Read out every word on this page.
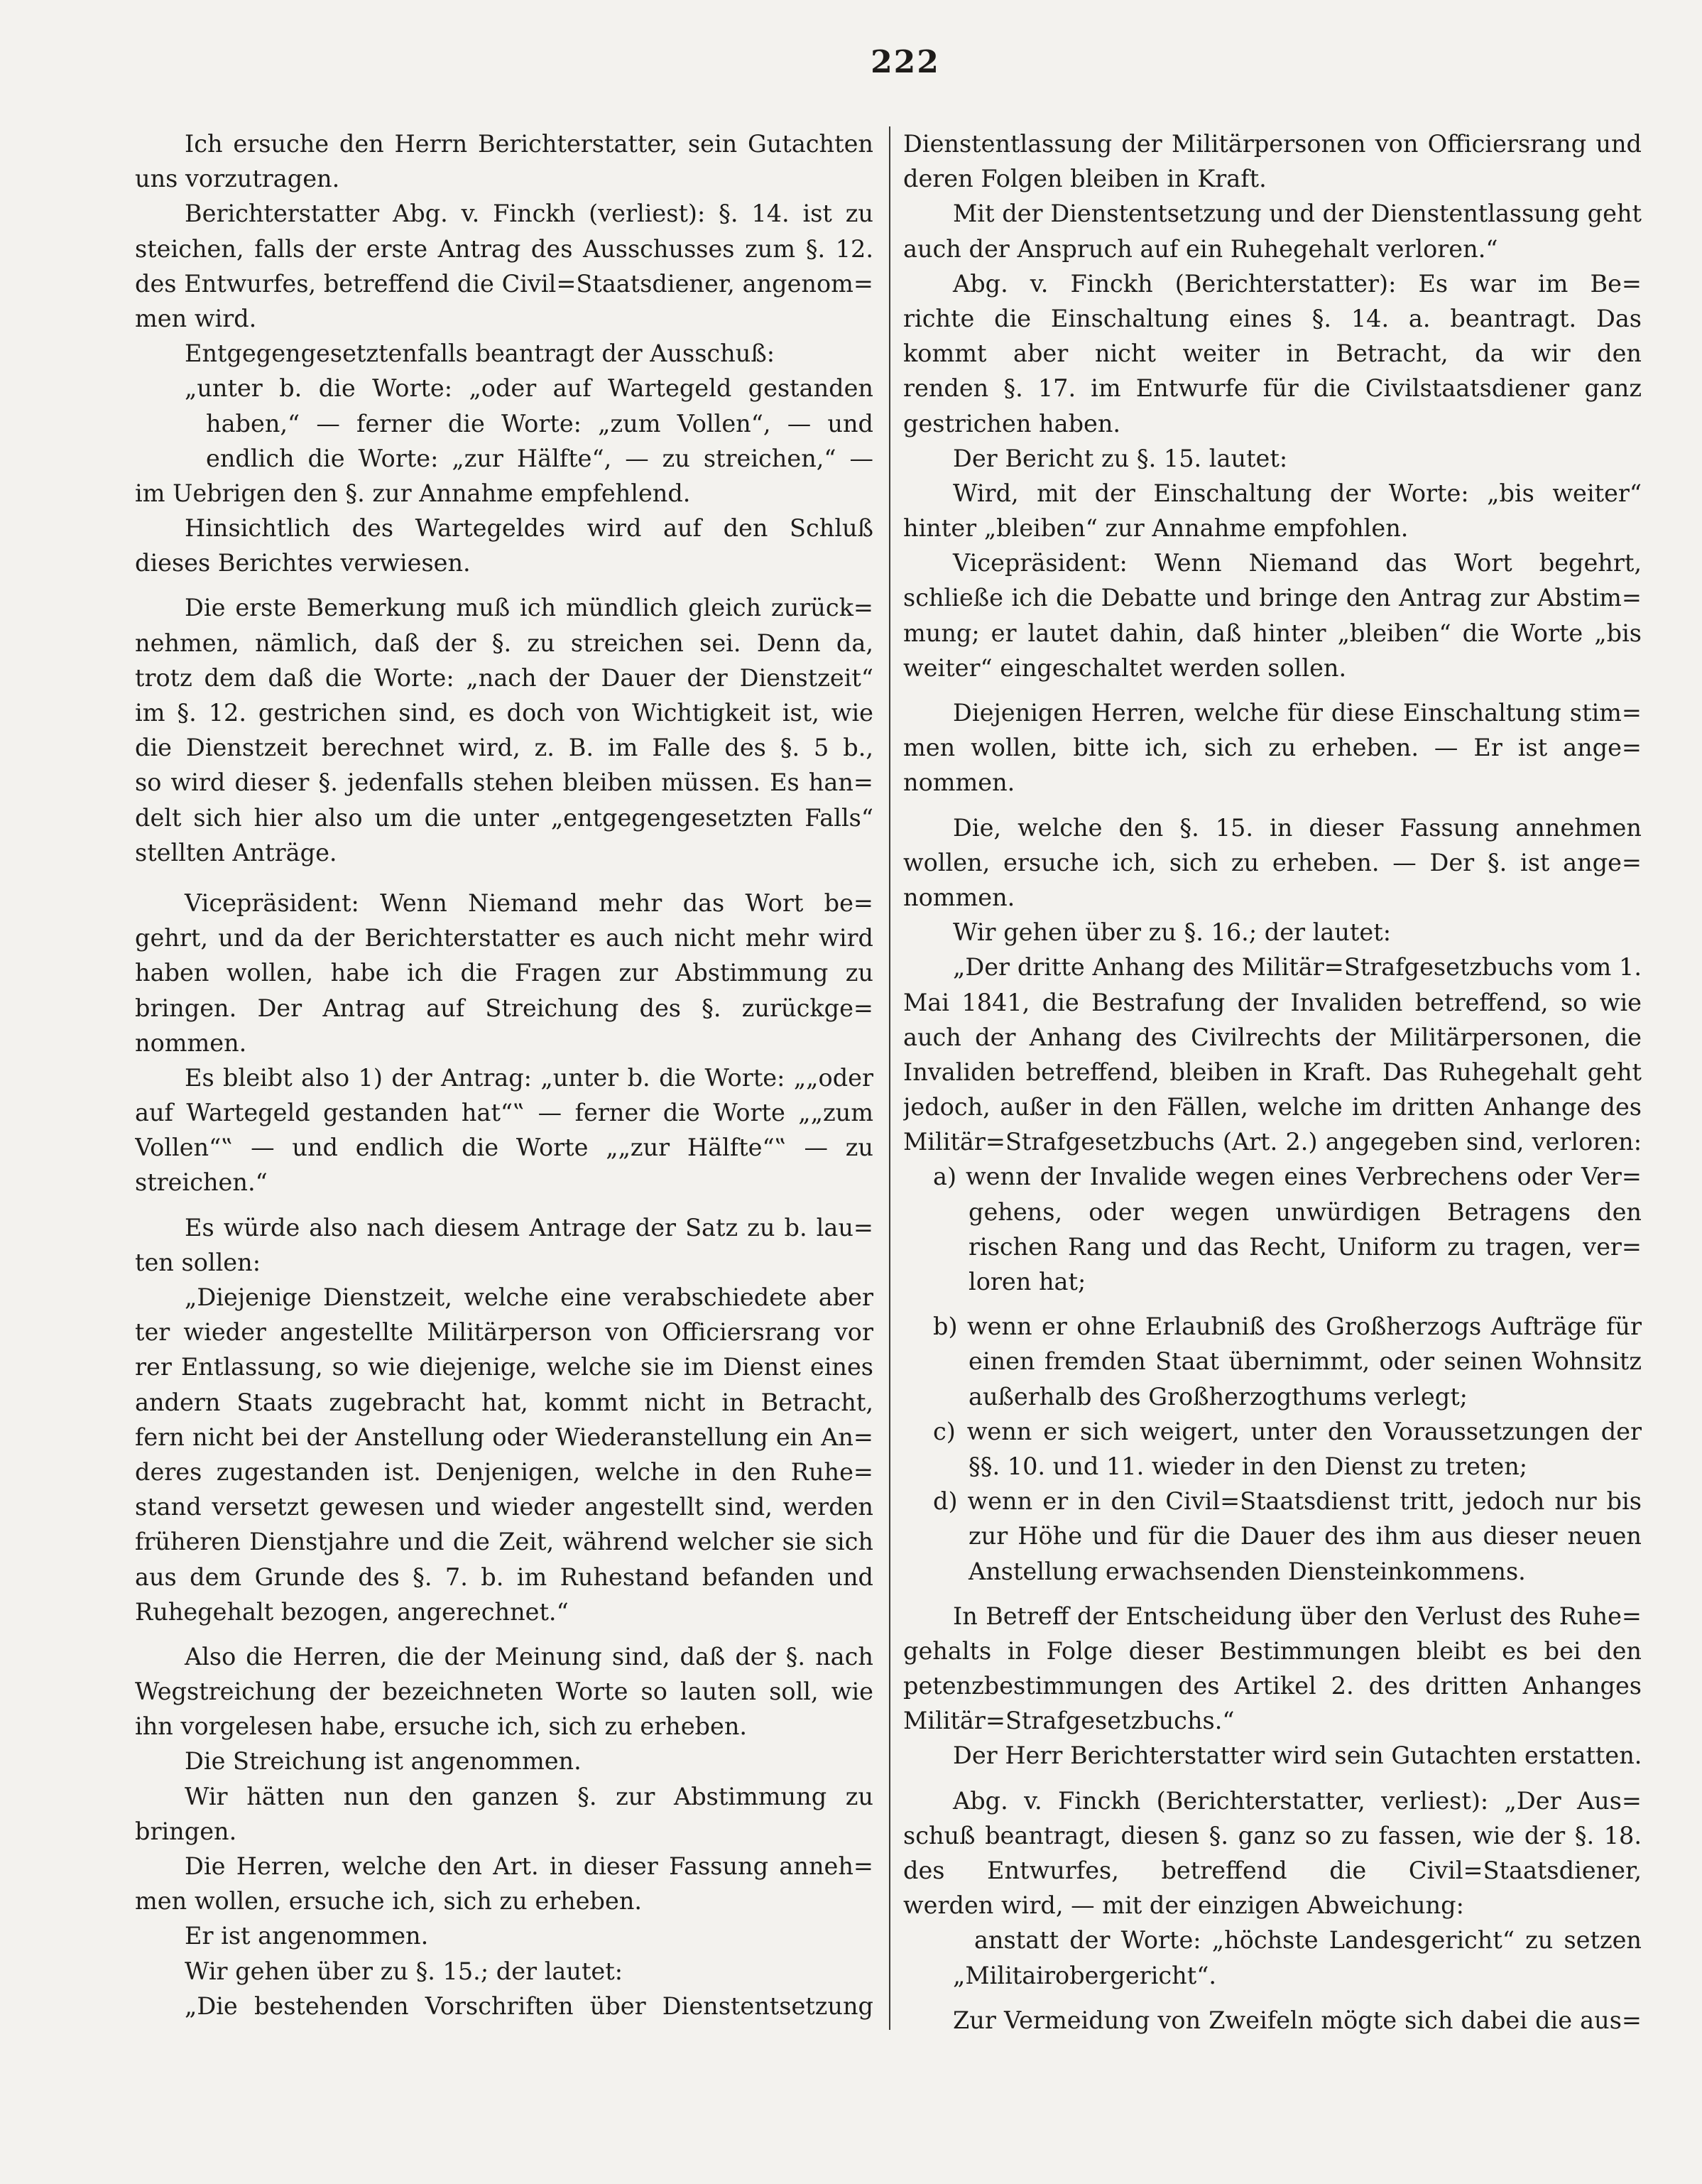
222
Ich ersuche den Herrn Berichterstatter, sein Gutachten
uns vorzutragen.
Berichterstatter Abg. v. Finckh (verliest): §. 14. ist zu
steichen, falls der erste Antrag des Ausschusses zum §. 12.
des Entwurfes, betreffend die Civil=Staatsdiener, angenom=
men wird.
Entgegengesetztenfalls beantragt der Ausschuß:
„unter b. die Worte: „oder auf Wartegeld gestanden
haben,“ — ferner die Worte: „zum Vollen“, — und
endlich die Worte: „zur Hälfte“, — zu streichen,“ —
im Uebrigen den §. zur Annahme empfehlend.
Hinsichtlich des Wartegeldes wird auf den Schluß
dieses Berichtes verwiesen.
Die erste Bemerkung muß ich mündlich gleich zurück=
nehmen, nämlich, daß der §. zu streichen sei. Denn da,
trotz dem daß die Worte: „nach der Dauer der Dienstzeit“
im §. 12. gestrichen sind, es doch von Wichtigkeit ist, wie
die Dienstzeit berechnet wird, z. B. im Falle des §. 5 b.,
so wird dieser §. jedenfalls stehen bleiben müssen. Es han=
delt sich hier also um die unter „entgegengesetzten Falls“
stellten Anträge.
Vicepräsident: Wenn Niemand mehr das Wort be=
gehrt, und da der Berichterstatter es auch nicht mehr wird
haben wollen, habe ich die Fragen zur Abstimmung zu
bringen. Der Antrag auf Streichung des §. zurückge=
nommen.
Es bleibt also 1) der Antrag: „unter b. die Worte: „„oder
auf Wartegeld gestanden hat“‟ — ferner die Worte „„zum
Vollen“‟ — und endlich die Worte „„zur Hälfte“‟ — zu
streichen.“
Es würde also nach diesem Antrage der Satz zu b. lau=
ten sollen:
„Diejenige Dienstzeit, welche eine verabschiedete aber
ter wieder angestellte Militärperson von Officiersrang vor
rer Entlassung, so wie diejenige, welche sie im Dienst eines
andern Staats zugebracht hat, kommt nicht in Betracht,
fern nicht bei der Anstellung oder Wiederanstellung ein An=
deres zugestanden ist. Denjenigen, welche in den Ruhe=
stand versetzt gewesen und wieder angestellt sind, werden
früheren Dienstjahre und die Zeit, während welcher sie sich
aus dem Grunde des §. 7. b. im Ruhestand befanden und
Ruhegehalt bezogen, angerechnet.“
Also die Herren, die der Meinung sind, daß der §. nach
Wegstreichung der bezeichneten Worte so lauten soll, wie
ihn vorgelesen habe, ersuche ich, sich zu erheben.
Die Streichung ist angenommen.
Wir hätten nun den ganzen §. zur Abstimmung zu
bringen.
Die Herren, welche den Art. in dieser Fassung anneh=
men wollen, ersuche ich, sich zu erheben.
Er ist angenommen.
Wir gehen über zu §. 15.; der lautet:
„Die bestehenden Vorschriften über Dienstentsetzung
Dienstentlassung der Militärpersonen von Officiersrang und
deren Folgen bleiben in Kraft.
Mit der Dienstentsetzung und der Dienstentlassung geht
auch der Anspruch auf ein Ruhegehalt verloren.“
Abg. v. Finckh (Berichterstatter): Es war im Be=
richte die Einschaltung eines §. 14. a. beantragt. Das
kommt aber nicht weiter in Betracht, da wir den
renden §. 17. im Entwurfe für die Civilstaatsdiener ganz
gestrichen haben.
Der Bericht zu §. 15. lautet:
Wird, mit der Einschaltung der Worte: „bis weiter“
hinter „bleiben“ zur Annahme empfohlen.
Vicepräsident: Wenn Niemand das Wort begehrt,
schließe ich die Debatte und bringe den Antrag zur Abstim=
mung; er lautet dahin, daß hinter „bleiben“ die Worte „bis
weiter“ eingeschaltet werden sollen.
Diejenigen Herren, welche für diese Einschaltung stim=
men wollen, bitte ich, sich zu erheben. — Er ist ange=
nommen.
Die, welche den §. 15. in dieser Fassung annehmen
wollen, ersuche ich, sich zu erheben. — Der §. ist ange=
nommen.
Wir gehen über zu §. 16.; der lautet:
„Der dritte Anhang des Militär=Strafgesetzbuchs vom 1.
Mai 1841, die Bestrafung der Invaliden betreffend, so wie
auch der Anhang des Civilrechts der Militärpersonen, die
Invaliden betreffend, bleiben in Kraft. Das Ruhegehalt geht
jedoch, außer in den Fällen, welche im dritten Anhange des
Militär=Strafgesetzbuchs (Art. 2.) angegeben sind, verloren:
a) wenn der Invalide wegen eines Verbrechens oder Ver=
gehens, oder wegen unwürdigen Betragens den
rischen Rang und das Recht, Uniform zu tragen, ver=
loren hat;
b) wenn er ohne Erlaubniß des Großherzogs Aufträge für
einen fremden Staat übernimmt, oder seinen Wohnsitz
außerhalb des Großherzogthums verlegt;
c) wenn er sich weigert, unter den Voraussetzungen der
§§. 10. und 11. wieder in den Dienst zu treten;
d) wenn er in den Civil=Staatsdienst tritt, jedoch nur bis
zur Höhe und für die Dauer des ihm aus dieser neuen
Anstellung erwachsenden Diensteinkommens.
In Betreff der Entscheidung über den Verlust des Ruhe=
gehalts in Folge dieser Bestimmungen bleibt es bei den
petenzbestimmungen des Artikel 2. des dritten Anhanges
Militär=Strafgesetzbuchs.“
Der Herr Berichterstatter wird sein Gutachten erstatten.
Abg. v. Finckh (Berichterstatter, verliest): „Der Aus=
schuß beantragt, diesen §. ganz so zu fassen, wie der §. 18.
des Entwurfes, betreffend die Civil=Staatsdiener,
werden wird, — mit der einzigen Abweichung:
anstatt der Worte: „höchste Landesgericht“ zu setzen
„Militairobergericht“.
Zur Vermeidung von Zweifeln mögte sich dabei die aus=
